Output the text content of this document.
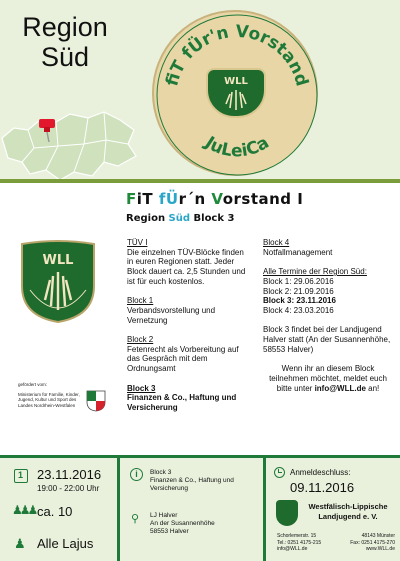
Region
Süd
fiT fÜr'n Vorstand
JuLeiCa
WLL
WLL
gefördert vom:
Ministerium für Familie, Kinder, Jugend, Kultur und Sport des Landes Nordrhein-Westfalen
FiT fÜr´n Vorstand I
Region Süd Block 3
TÜV I
Die einzelnen TÜV-Blöcke finden in euren Regionen statt. Jeder Block dauert ca. 2,5 Stunden und ist für euch kostenlos.
Block 1
Verbandsvorstellung und Vernetzung
Block 2
Fetenrecht als Vorbereitung auf das Gespräch mit dem Ordnungsamt
Block 3
Finanzen & Co., Haftung und Versicherung
Block 4
Notfallmanagement
Alle Termine der Region Süd:
Block 1: 29.06.2016
Block 2: 21.09.2016
Block 3: 23.11.2016
Block 4: 23.03.2016
Block 3 findet bei der Landjugend Halver statt (An der Susannenhöhe, 58553 Halver)
Wenn ihr an diesem Block teilnehmen möchtet, meldet euch bitte unter info@WLL.de an!
1
23.11.2016
19:00 - 22:00 Uhr
♟♟♟ ca. 10
♟ Alle Lajus
i	Block 3
Finanzen & Co., Haftung und Versicherung
⚲ LJ Halver
An der Susannenhöhe
58553 Halver
Anmeldeschluss:
09.11.2016
Westfälisch-Lippische
Landjugend e. V.
Schorlemerstr. 15	48143 Münster
Tel.: 0251 4175-215	Fax: 0251 4175-270
info@WLL.de	www.WLL.de
